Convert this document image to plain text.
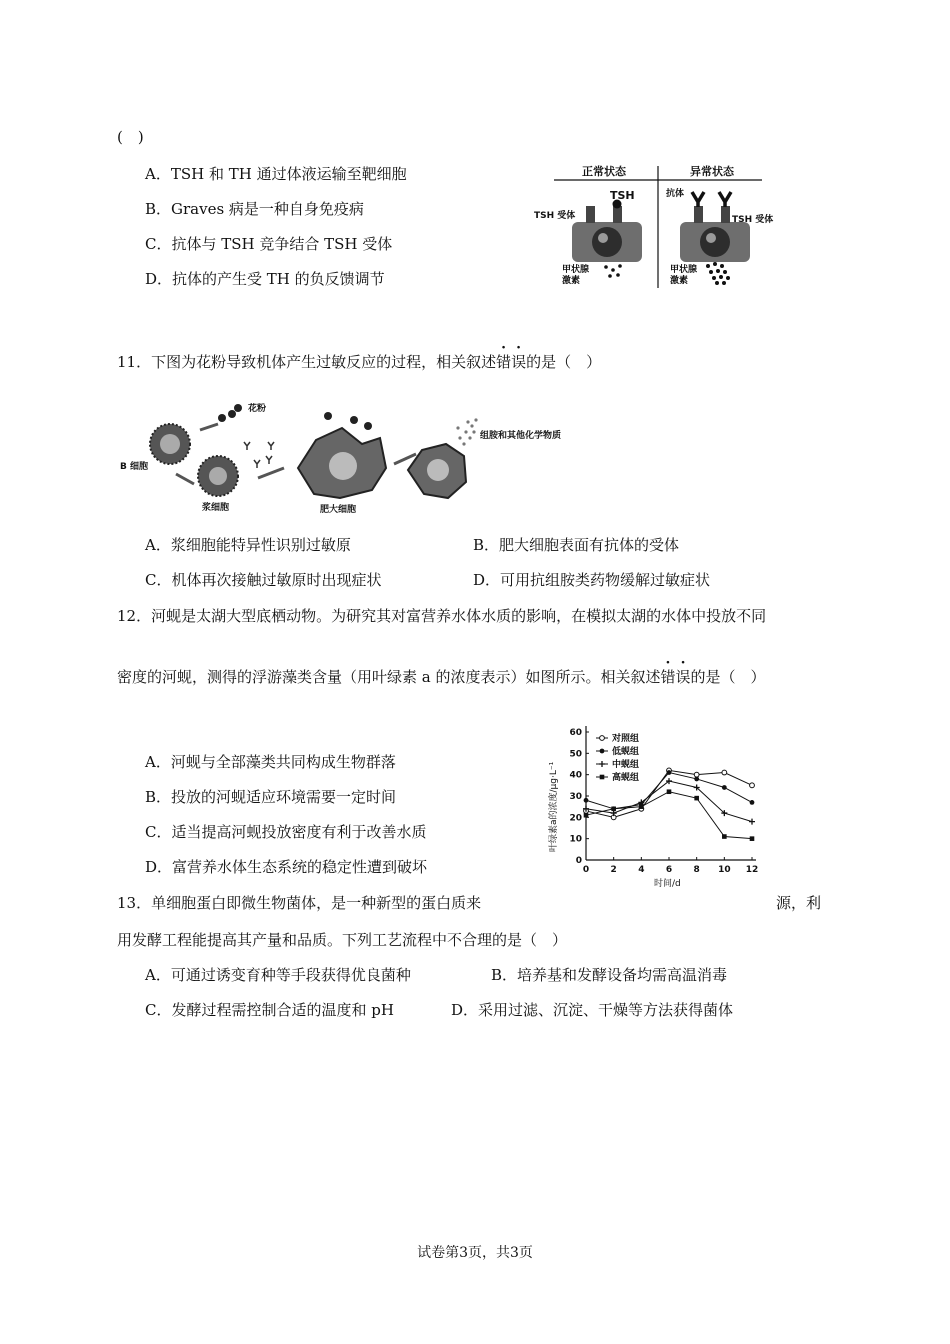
(　)
A．TSH 和 TH 通过体液运输至靶细胞
B．Graves 病是一种自身免疫病
C．抗体与 TSH 竞争结合 TSH 受体
D．抗体的产生受 TH 的负反馈调节
正常状态	异常状态
TSH
TSH 受体
甲状腺
激素
抗体
TSH 受体
甲状腺
激素
11．下图为花粉导致机体产生过敏反应的过程，相关叙述错误的是（　）
B 细胞
花粉
浆细胞	肥大细胞
组胺和其他化学物质
A．浆细胞能特异性识别过敏原	B．肥大细胞表面有抗体的受体
C．机体再次接触过敏原时出现症状	D．可用抗组胺类药物缓解过敏症状
12．河蚬是太湖大型底栖动物。为研究其对富营养水体水质的影响，在模拟太湖的水体中投放不同
密度的河蚬，测得的浮游藻类含量（用叶绿素 a 的浓度表示）如图所示。相关叙述错误的是（　）
A．河蚬与全部藻类共同构成生物群落
B．投放的河蚬适应环境需要一定时间
C．适当提高河蚬投放密度有利于改善水质
D．富营养水体生态系统的稳定性遭到破坏	0 2 4 6 8 10 12
0
10
20
30
40
50
60
对照组
低蚬组
中蚬组
高蚬组
叶绿素a的浓度/μg·L⁻¹
时间/d
13．单细胞蛋白即微生物菌体，是一种新型的蛋白质来	源，利
用发酵工程能提高其产量和品质。下列工艺流程中不合理的是（　）
A．可通过诱变育种等手段获得优良菌种	B．培养基和发酵设备均需高温消毒
C．发酵过程需控制合适的温度和 pH	D．采用过滤、沉淀、干燥等方法获得菌体
试卷第3页，共3页
